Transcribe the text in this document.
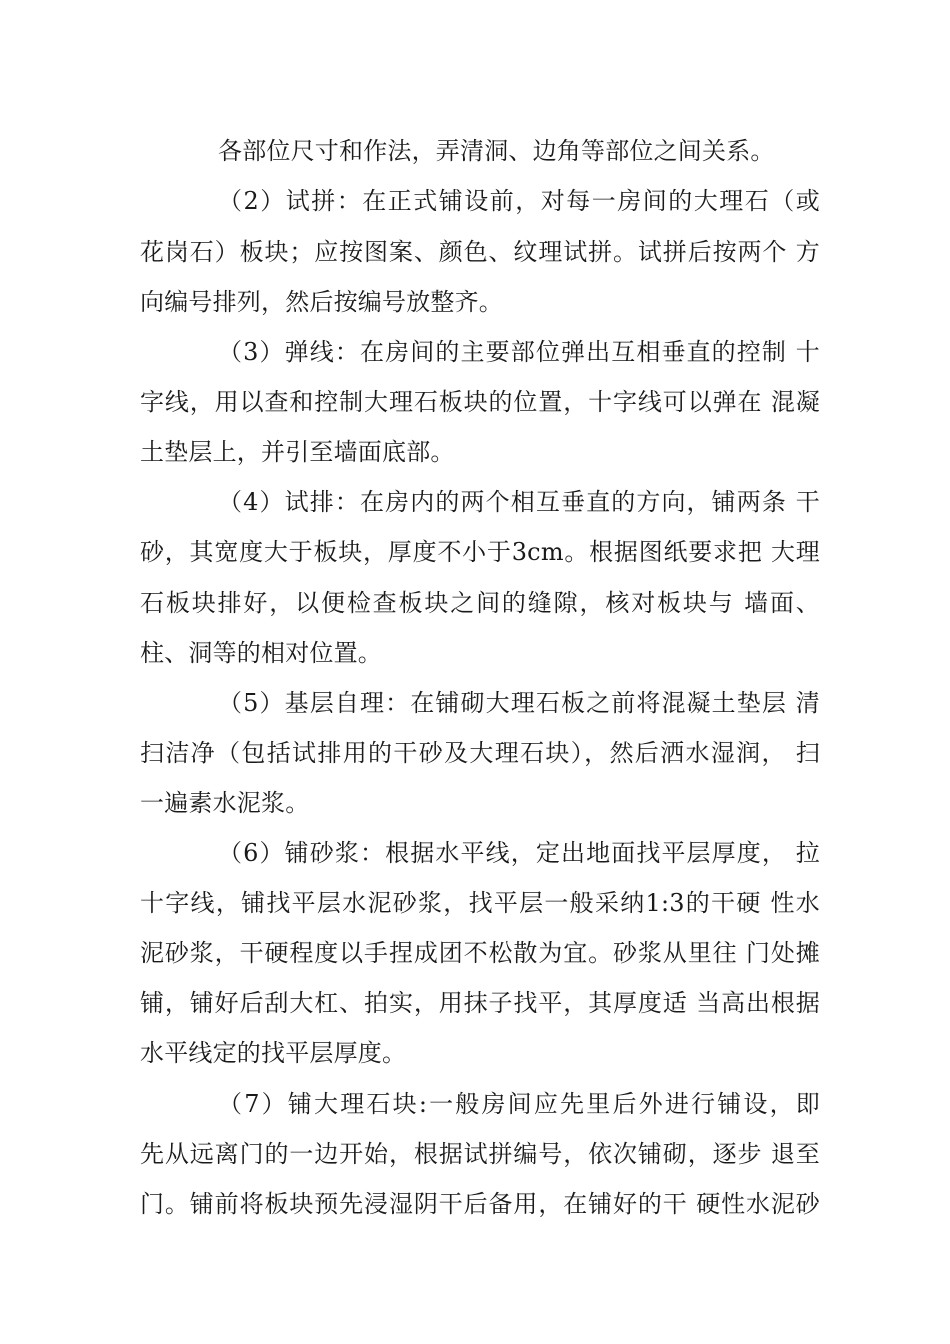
各部位尺寸和作法，弄清洞、边角等部位之间关系。
（2）试拼：在正式铺设前，对每一房间的大理石（或
花岗石）板块；应按图案、颜色、纹理试拼。试拼后按两个 方
向编号排列，然后按编号放整齐。
（3）弹线：在房间的主要部位弹出互相垂直的控制 十
字线，用以查和控制大理石板块的位置，十字线可以弹在 混凝
土垫层上，并引至墙面底部。
（4）试排：在房内的两个相互垂直的方向，铺两条 干
砂，其宽度大于板块，厚度不小于3cm。根据图纸要求把 大理
石板块排好，以便检查板块之间的缝隙，核对板块与 墙面、
柱、洞等的相对位置。
（5）基层自理：在铺砌大理石板之前将混凝土垫层 清
扫洁净（包括试排用的干砂及大理石块），然后洒水湿润， 扫
一遍素水泥浆。
（6）铺砂浆：根据水平线，定出地面找平层厚度， 拉
十字线，铺找平层水泥砂浆，找平层一般采纳1:3的干硬 性水
泥砂浆，干硬程度以手捏成团不松散为宜。砂浆从里往 门处摊
铺，铺好后刮大杠、拍实，用抹子找平，其厚度适 当高出根据
水平线定的找平层厚度。
（7）铺大理石块:一般房间应先里后外进行铺设，即
先从远离门的一边开始，根据试拼编号，依次铺砌，逐步 退至
门。铺前将板块预先浸湿阴干后备用，在铺好的干 硬性水泥砂
